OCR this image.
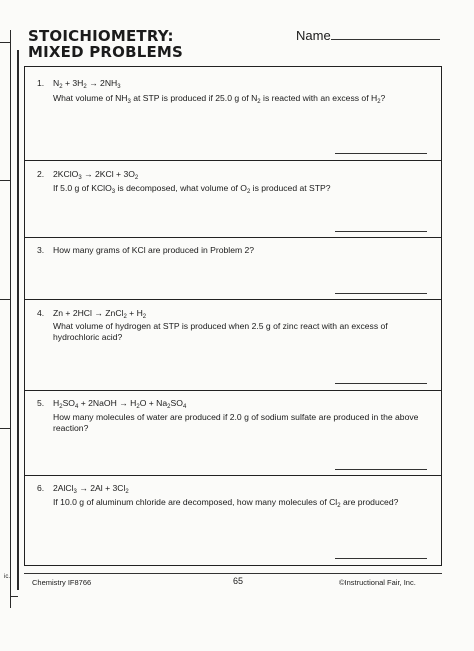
ic.
STOICHIOMETRY:
MIXED PROBLEMS
Name
1. $N_2 + 3H_2 \to 2NH_3$
What volume of $NH_3$ at STP is produced if 25.0 g of $N_2$ is reacted with an excess of $H_2$?
2. 2KClO$_3$ → $2KCl + 3O_2$
If 5.0 g of KClO$_3$ is decomposed, what volume of $O_2$ is produced at STP?
3. How many grams of KCl are produced in Problem 2?
4. Zn + 2HCl → ZnCl$_2$ + $H_2$
What volume of hydrogen at STP is produced when 2.5 g of zinc react with an excess of hydrochloric acid?
5. $H_2SO_4$ + 2NaOH → $H_2O + Na_2SO_4$
How many molecules of water are produced if 2.0 g of sodium sulfate are produced in the above reaction?
6. 2AlCl$_3$ → $2Al + 3Cl_2$
If 10.0 g of aluminum chloride are decomposed, how many molecules of $Cl_2$ are produced?
Chemistry IF8766	65	©Instructional Fair, Inc.
